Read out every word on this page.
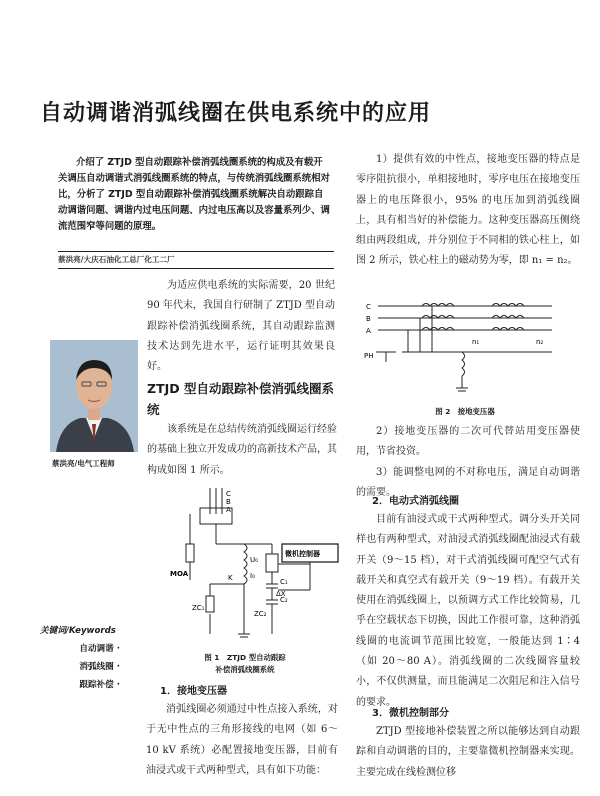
自动调谐消弧线圈在供电系统中的应用
介绍了 ZTJD 型自动跟踪补偿消弧线圈系统的构成及有载开关调压自动调谐式消弧线圈系统的特点，与传统消弧线圈系统相对比，分析了 ZTJD 型自动跟踪补偿消弧线圈系统解决自动跟踪自动调谐问题、调谐内过电压问题、内过电压高以及容量系列少、调流范围窄等问题的原理。
蔡洪亮/大庆石油化工总厂化工二厂
为适应供电系统的实际需要，20 世纪 90 年代末，我国自行研制了 ZTJD 型自动跟踪补偿消弧线圈系统，其自动跟踪监测技术达到先进水平，运行证明其效果良好。
蔡洪亮/电气工程师
ZTJD 型自动跟踪补偿消弧线圈系统
该系统是在总结传统消弧线圈运行经验的基础上独立开发成功的高新技术产品，其构成如图 1 所示。
C
B
A
MOA
U₀
I₀
K	C₁
C₂
ZC₁
ZC₂
ΔX
微机控制器
图 1　ZTJD 型自动跟踪
补偿消弧线圈系统
关键词/Keywords
自动调谐 ·
消弧线圈 ·
跟踪补偿 ·
1．接地变压器
消弧线圈必须通过中性点接入系统，对于无中性点的三角形接线的电网（如 6～10 kV 系统）必配置接地变压器，目前有油浸式或干式两种型式，具有如下功能：
1）提供有效的中性点，接地变压器的特点是零序阻抗很小，单相接地时，零序电压在接地变压器上的电压降很小，95% 的电压加到消弧线圈上，具有相当好的补偿能力。这种变压器高压侧绕组由两段组成，并分别位于不同相的铁心柱上，如图 2 所示，铁心柱上的磁动势为零，即 n₁ = n₂。
C
B
A
n₁	n₂
PH
图 2　接地变压器
2）接地变压器的二次可代替站用变压器使用，节省投资。
3）能调整电网的不对称电压，满足自动调谐的需要。
2．电动式消弧线圈
目前有油浸式或干式两种型式。调分头开关同样也有两种型式，对油浸式消弧线圈配油浸式有载开关（9～15 档），对干式消弧线圈可配空气式有载开关和真空式有载开关（9～19 档）。有载开关使用在消弧线圈上，以预调方式工作比较简易，几乎在空载状态下切换，因此工作很可靠，这种消弧线圈的电流调节范围比较宽，一般能达到 1∶4（如 20～80 A）。消弧线圈的二次线圈容量较小，不仅供测量，而且能满足二次阻尼和注入信号的要求。
3．微机控制部分
ZTJD 型接地补偿装置之所以能够达到自动跟踪和自动调谐的目的，主要靠微机控制器来实现。主要完成在线检测位移
